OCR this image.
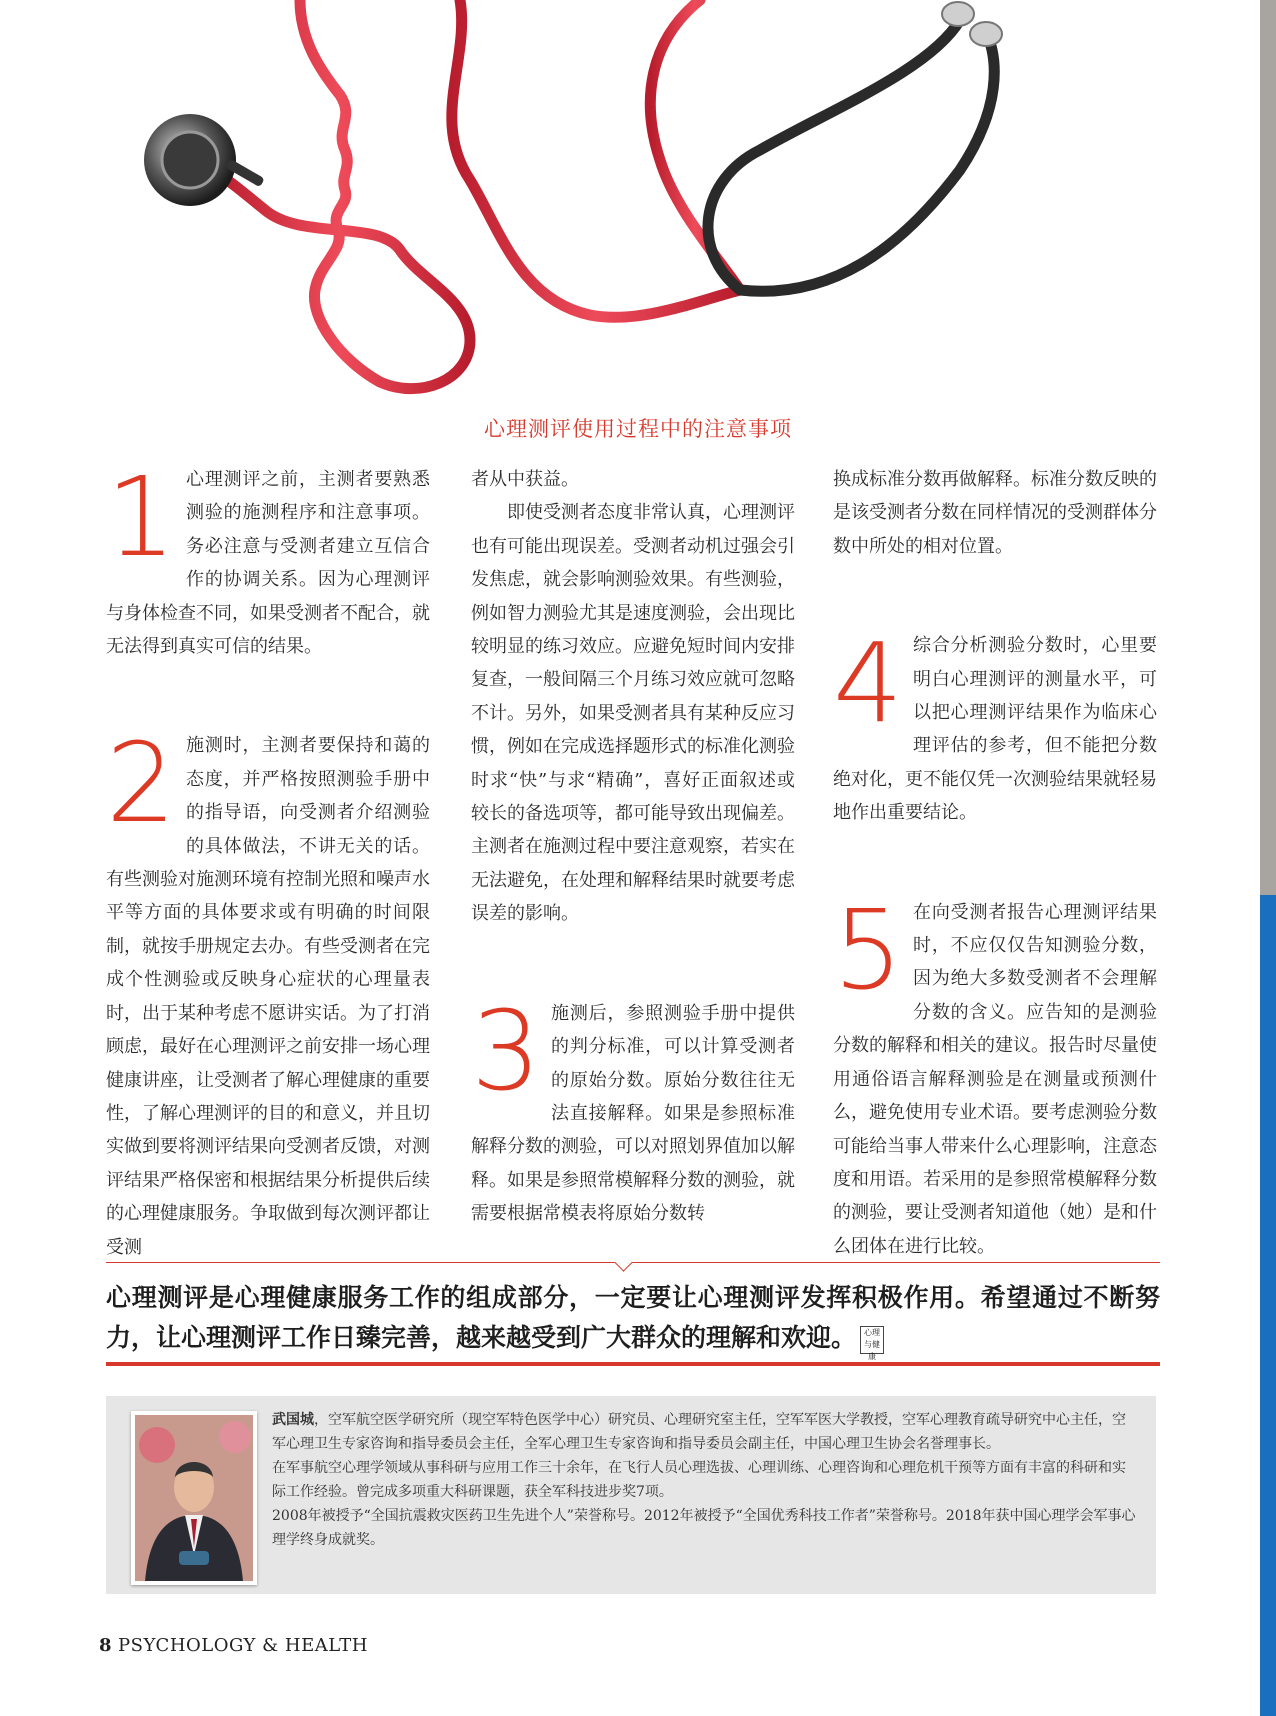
心理测评使用过程中的注意事项

1 心理测评之前，主测者要熟悉测验的施测程序和注意事项。务必注意与受测者建立互信合作的协调关系。因为心理测评与身体检查不同，如果受测者不配合，就无法得到真实可信的结果。

2 施测时，主测者要保持和蔼的态度，并严格按照测验手册中的指导语，向受测者介绍测验的具体做法，不讲无关的话。有些测验对施测环境有控制光照和噪声水平等方面的具体要求或有明确的时间限制，就按手册规定去办。有些受测者在完成个性测验或反映身心症状的心理量表时，出于某种考虑不愿讲实话。为了打消顾虑，最好在心理测评之前安排一场心理健康讲座，让受测者了解心理健康的重要性，了解心理测评的目的和意义，并且切实做到要将测评结果向受测者反馈，对测评结果严格保密和根据结果分析提供后续的心理健康服务。争取做到每次测评都让受测

者从中获益。

即使受测者态度非常认真，心理测评也有可能出现误差。受测者动机过强会引发焦虑，就会影响测验效果。有些测验，例如智力测验尤其是速度测验，会出现比较明显的练习效应。应避免短时间内安排复查，一般间隔三个月练习效应就可忽略不计。另外，如果受测者具有某种反应习惯，例如在完成选择题形式的标准化测验时求“快”与求“精确”，喜好正面叙述或较长的备选项等，都可能导致出现偏差。主测者在施测过程中要注意观察，若实在无法避免，在处理和解释结果时就要考虑误差的影响。

3 施测后，参照测验手册中提供的判分标准，可以计算受测者的原始分数。原始分数往往无法直接解释。如果是参照标准解释分数的测验，可以对照划界值加以解释。如果是参照常模解释分数的测验，就需要根据常模表将原始分数转

换成标准分数再做解释。标准分数反映的是该受测者分数在同样情况的受测群体分数中所处的相对位置。

4 综合分析测验分数时，心里要明白心理测评的测量水平，可以把心理测评结果作为临床心理评估的参考，但不能把分数绝对化，更不能仅凭一次测验结果就轻易地作出重要结论。

5 在向受测者报告心理测评结果时，不应仅仅告知测验分数，因为绝大多数受测者不会理解分数的含义。应告知的是测验分数的解释和相关的建议。报告时尽量使用通俗语言解释测验是在测量或预测什么，避免使用专业术语。要考虑测验分数可能给当事人带来什么心理影响，注意态度和用语。若采用的是参照常模解释分数的测验，要让受测者知道他（她）是和什么团体在进行比较。

心理测评是心理健康服务工作的组成部分，一定要让心理测评发挥积极作用。希望通过不断努力，让心理测评工作日臻完善，越来越受到广大群众的理解和欢迎。 心理与健康

武国城，空军航空医学研究所（现空军特色医学中心）研究员、心理研究室主任，空军军医大学教授，空军心理教育疏导研究中心主任，空军心理卫生专家咨询和指导委员会主任，全军心理卫生专家咨询和指导委员会副主任，中国心理卫生协会名誉理事长。

在军事航空心理学领域从事科研与应用工作三十余年，在飞行人员心理选拔、心理训练、心理咨询和心理危机干预等方面有丰富的科研和实际工作经验。曾完成多项重大科研课题，获全军科技进步奖7项。

2008年被授予“全国抗震救灾医药卫生先进个人”荣誉称号。2012年被授予“全国优秀科技工作者”荣誉称号。2018年获中国心理学会军事心理学终身成就奖。

8 PSYCHOLOGY & HEALTH
